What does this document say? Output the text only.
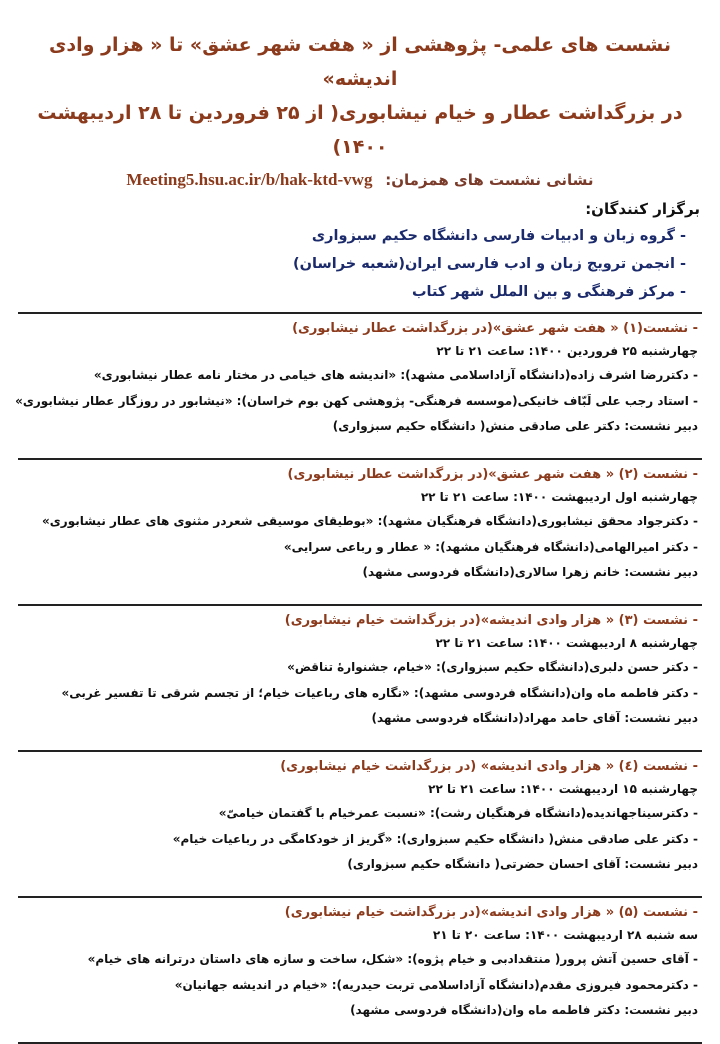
نشست های علمی- پژوهشی از « هفت شهر عشق» تا « هزار وادی اندیشه»
در بزرگداشت عطار و خیام نیشابوری( از ۲۵ فروردین تا ۲۸ اردیبهشت ۱۴۰۰)
نشانی نشست های همزمان: Meeting5.hsu.ac.ir/b/hak-ktd-vwg
برگزار کنندگان:
- گروه زبان و ادبیات فارسی دانشگاه حکیم سبزواری
- انجمن ترویج زبان و ادب فارسی ایران(شعبه خراسان)
- مرکز فرهنگی و بین الملل شهر کتاب
- نشست(۱) « هفت شهر عشق»(در بزرگداشت عطار نیشابوری)
چهارشنبه ۲۵ فروردین ۱۴۰۰: ساعت ۲۱ تا ۲۲
- دکتررضا اشرف زاده(دانشگاه آزاداسلامی مشهد): «اندیشه های خیامی در مختار نامه عطار نیشابوری»
- استاد رجب علی لَبّاف خانیکی(موسسه فرهنگی- پژوهشی کهن بوم خراسان): «نیشابور در روزگار عطار نیشابوری»
دبیر نشست: دکتر علی صادقی منش( دانشگاه حکیم سبزواری)
- نشست (۲) « هفت شهر عشق»(در بزرگداشت عطار نیشابوری)
چهارشنبه اول اردیبهشت ۱۴۰۰: ساعت ۲۱ تا ۲۲
- دکترجواد محقق نیشابوری(دانشگاه فرهنگیان مشهد): «بوطیقای موسیقی شعردر مثنوی های عطار نیشابوری»
- دکتر امیرالهامی(دانشگاه فرهنگیان مشهد): « عطار و رباعی سرایی»
دبیر نشست: خانم زهرا سالاری(دانشگاه فردوسی مشهد)
- نشست (۳) « هزار وادی اندیشه»(در بزرگداشت خیام نیشابوری)
چهارشنبه ۸ اردیبهشت ۱۴۰۰: ساعت ۲۱ تا ۲۲
- دکتر حسن دلبری(دانشگاه حکیم سبزواری): «خیام، جشنوارهٔ تناقض»
- دکتر فاطمه ماه وان(دانشگاه فردوسی مشهد): «نگاره های رباعیات خیام؛ از تجسم شرقی تا تفسیر غربی»
دبیر نشست: آقای حامد مهراد(دانشگاه فردوسی مشهد)
- نشست (٤) « هزار وادی اندیشه» (در بزرگداشت خیام نیشابوری)
چهارشنبه ۱۵ اردیبهشت ۱۴۰۰: ساعت ۲۱ تا ۲۲
- دکترسیناجهاندیده(دانشگاه فرهنگیان رشت): «نسبت عمرخیام با گفتمان خیامیّ»
- دکتر علی صادقی منش( دانشگاه حکیم سبزواری): «گریز از خودکامگی در رباعیات خیام»
دبیر نشست: آقای احسان حضرتی( دانشگاه حکیم سبزواری)
- نشست (۵) « هزار وادی اندیشه»(در بزرگداشت خیام نیشابوری)
سه شنبه ۲۸ اردیبهشت ۱۴۰۰: ساعت ۲۰ تا ۲۱
- آقای حسین آتش پرور( منتقدادبی و خیام پژوه): «شکل، ساخت و سازه های داستان درترانه های خیام»
- دکترمحمود فیروزی مقدم(دانشگاه آزاداسلامی تربت حیدریه): «خیام در اندیشه جهانیان»
دبیر نشست: دکتر فاطمه ماه وان(دانشگاه فردوسی مشهد)
